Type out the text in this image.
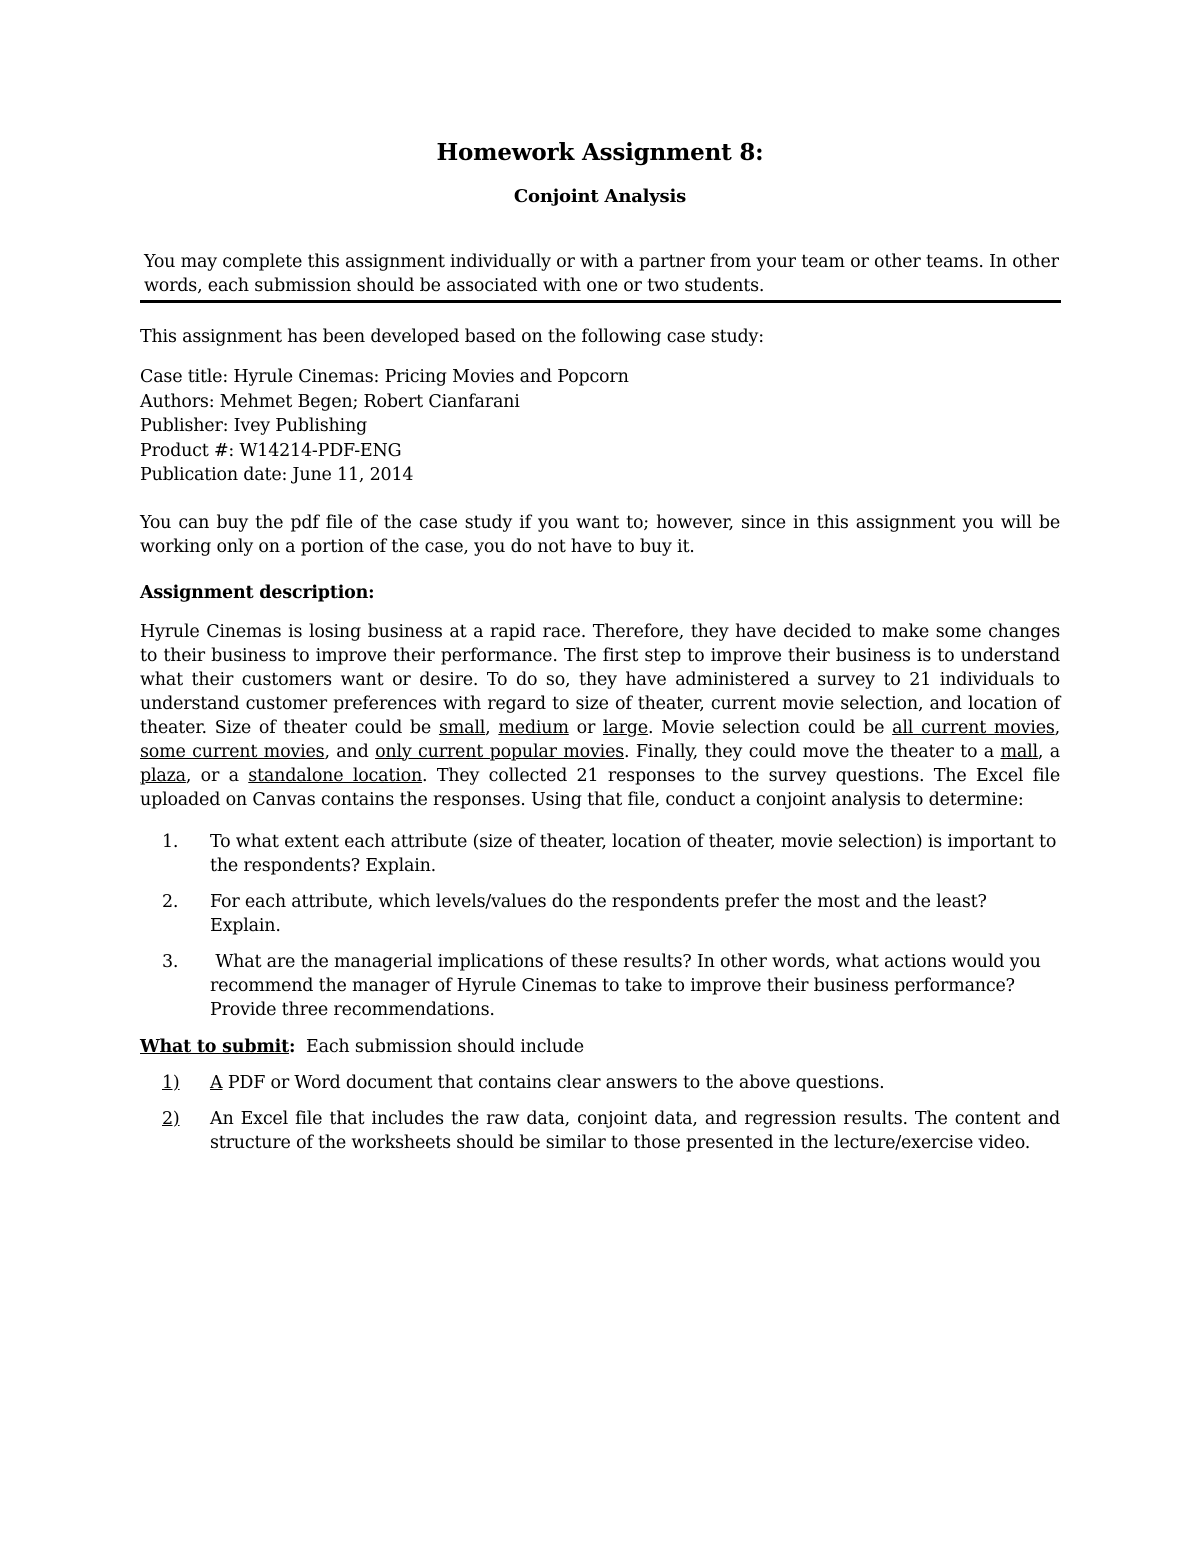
Homework Assignment 8:
Conjoint Analysis
You may complete this assignment individually or with a partner from your team or other teams. In other words, each submission should be associated with one or two students.

This assignment has been developed based on the following case study:

Case title: Hyrule Cinemas: Pricing Movies and Popcorn
Authors: Mehmet Begen; Robert Cianfarani
Publisher: Ivey Publishing
Product #: W14214-PDF-ENG
Publication date: June 11, 2014

You can buy the pdf file of the case study if you want to; however, since in this assignment you will be working only on a portion of the case, you do not have to buy it.

Assignment description:

Hyrule Cinemas is losing business at a rapid race. Therefore, they have decided to make some changes to their business to improve their performance. The first step to improve their business is to understand what their customers want or desire. To do so, they have administered a survey to 21 individuals to understand customer preferences with regard to size of theater, current movie selection, and location of theater. Size of theater could be small, medium or large. Movie selection could be all current movies, some current movies, and only current popular movies. Finally, they could move the theater to a mall, a plaza, or a standalone location. They collected 21 responses to the survey questions. The Excel file uploaded on Canvas contains the responses. Using that file, conduct a conjoint analysis to determine:

1. To what extent each attribute (size of theater, location of theater, movie selection) is important to the respondents? Explain.
2. For each attribute, which levels/values do the respondents prefer the most and the least? Explain.
3. What are the managerial implications of these results? In other words, what actions would you recommend the manager of Hyrule Cinemas to take to improve their business performance? Provide three recommendations.
What to submit:  Each submission should include
1) A PDF or Word document that contains clear answers to the above questions.
2) An Excel file that includes the raw data, conjoint data, and regression results. The content and structure of the worksheets should be similar to those presented in the lecture/exercise video.
